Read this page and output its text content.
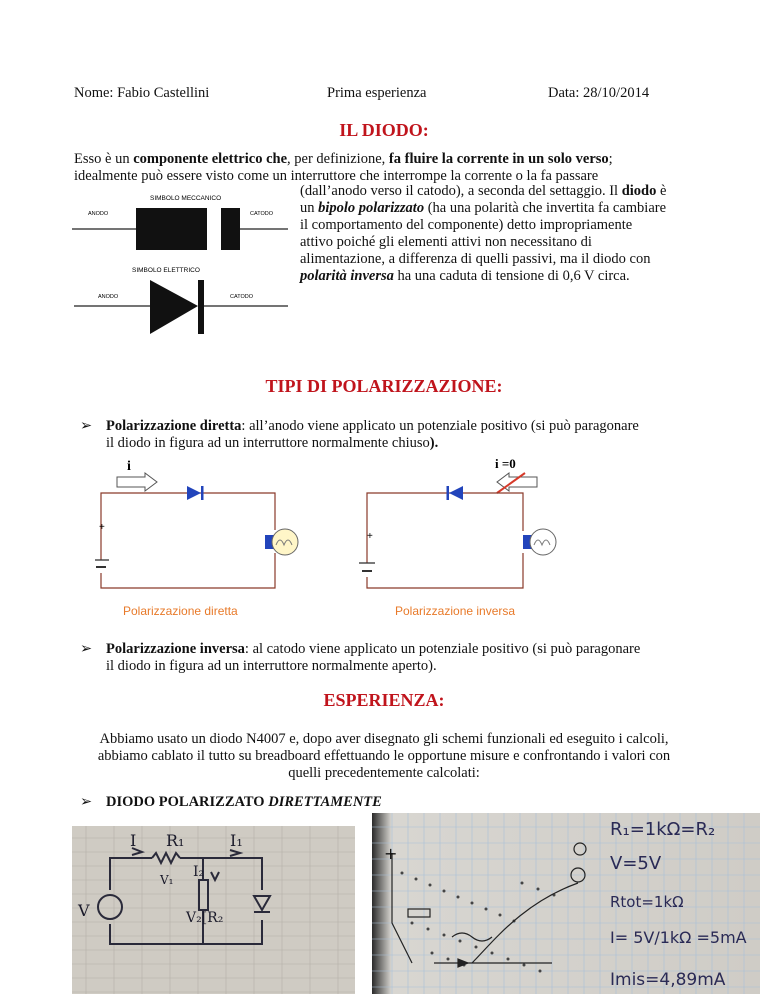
Nome: Fabio Castellini	Prima esperienza	Data: 28/10/2014
IL DIODO:

Esso è un componente elettrico che, per definizione, fa fluire la corrente in un solo verso;

idealmente può essere visto come un interruttore che interrompe la corrente o la fa passare

(dall’anodo verso il catodo), a seconda del settaggio. Il diodo è
un bipolo polarizzato (ha una polarità che invertita fa cambiare
il comportamento del componente) detto impropriamente
attivo poiché gli elementi attivi non necessitano di
alimentazione, a differenza di quelli passivi, ma il diodo con
polarità inversa ha una caduta di tensione di 0,6 V circa.
SIMBOLO MECCANICO
ANODO	CATODO
SIMBOLO ELETTRICO
ANODO	CATODO
TIPI DI POLARIZZAZIONE:
➢ Polarizzazione diretta: all’anodo viene applicato un potenziale positivo (si può paragonare
il diodo in figura ad un interruttore normalmente chiuso).
i
+
Polarizzazione diretta
i =0
+
Polarizzazione inversa
➢ Polarizzazione inversa: al catodo viene applicato un potenziale positivo (si può paragonare
il diodo in figura ad un interruttore normalmente aperto).
ESPERIENZA:
Abbiamo usato un diodo N4007 e, dopo aver disegnato gli schemi funzionali ed eseguito i calcoli,
abbiamo cablato il tutto su breadboard effettuando le opportune misure e confrontando i valori con
quelli precedentemente calcolati:
➢ DIODO POLARIZZATO DIRETTAMENTE
I R₁	I₁
V₁ I₂
V	V₂[R₂
+
R₁=1kΩ=R₂
V=5V
Rtot=1kΩ
I= 5V/1kΩ =5mA
Imis=4,89mA
